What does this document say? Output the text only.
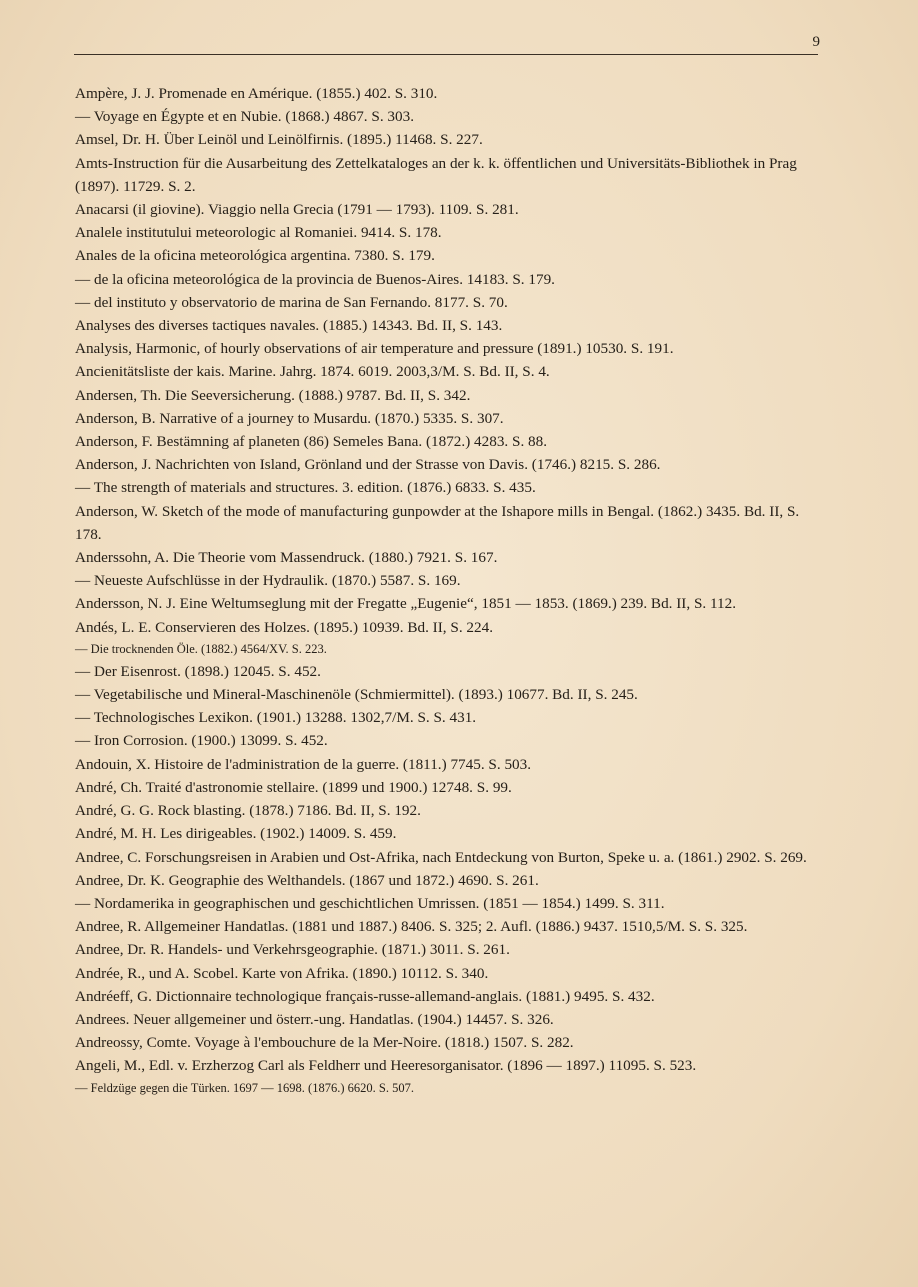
9

Ampère, J. J. Promenade en Amérique. (1855.) 402. S. 310.

— Voyage en Égypte et en Nubie. (1868.) 4867. S. 303.

Amsel, Dr. H. Über Leinöl und Leinölfirnis. (1895.) 11468. S. 227.

Amts-Instruction für die Ausarbeitung des Zettelkataloges an der k. k. öffentlichen und Universitäts-Bibliothek in Prag (1897). 11729. S. 2.

Anacarsi (il giovine). Viaggio nella Grecia (1791 — 1793). 1109. S. 281.

Analele institutului meteorologic al Romaniei. 9414. S. 178.

Anales de la oficina meteorológica argentina. 7380. S. 179.

— de la oficina meteorológica de la provincia de Buenos-Aires. 14183. S. 179.

— del instituto y observatorio de marina de San Fernando. 8177. S. 70.

Analyses des diverses tactiques navales. (1885.) 14343. Bd. II, S. 143.

Analysis, Harmonic, of hourly observations of air temperature and pressure (1891.) 10530. S. 191.

Ancienitätsliste der kais. Marine. Jahrg. 1874. 6019. 2003,3/M. S. Bd. II, S. 4.

Andersen, Th. Die Seeversicherung. (1888.) 9787. Bd. II, S. 342.

Anderson, B. Narrative of a journey to Musardu. (1870.) 5335. S. 307.

Anderson, F. Bestämning af planeten (86) Semeles Bana. (1872.) 4283. S. 88.

Anderson, J. Nachrichten von Island, Grönland und der Strasse von Davis. (1746.) 8215. S. 286.

— The strength of materials and structures. 3. edition. (1876.) 6833. S. 435.

Anderson, W. Sketch of the mode of manufacturing gunpowder at the Ishapore mills in Bengal. (1862.) 3435. Bd. II, S. 178.

Anderssohn, A. Die Theorie vom Massendruck. (1880.) 7921. S. 167.

— Neueste Aufschlüsse in der Hydraulik. (1870.) 5587. S. 169.

Andersson, N. J. Eine Weltumseglung mit der Fregatte „Eugenie“, 1851 — 1853. (1869.) 239. Bd. II, S. 112.

Andés, L. E. Conservieren des Holzes. (1895.) 10939. Bd. II, S. 224.

— Die trocknenden Öle. (1882.) 4564/XV. S. 223.

— Der Eisenrost. (1898.) 12045. S. 452.

— Vegetabilische und Mineral-Maschinenöle (Schmiermittel). (1893.) 10677. Bd. II, S. 245.

— Technologisches Lexikon. (1901.) 13288. 1302,7/M. S. S. 431.

— Iron Corrosion. (1900.) 13099. S. 452.

Andouin, X. Histoire de l'administration de la guerre. (1811.) 7745. S. 503.

André, Ch. Traité d'astronomie stellaire. (1899 und 1900.) 12748. S. 99.

André, G. G. Rock blasting. (1878.) 7186. Bd. II, S. 192.

André, M. H. Les dirigeables. (1902.) 14009. S. 459.

Andree, C. Forschungsreisen in Arabien und Ost-Afrika, nach Entdeckung von Burton, Speke u. a. (1861.) 2902. S. 269.

Andree, Dr. K. Geographie des Welthandels. (1867 und 1872.) 4690. S. 261.

— Nordamerika in geographischen und geschichtlichen Umrissen. (1851 — 1854.) 1499. S. 311.

Andree, R. Allgemeiner Handatlas. (1881 und 1887.) 8406. S. 325; 2. Aufl. (1886.) 9437. 1510,5/M. S. S. 325.

Andree, Dr. R. Handels- und Verkehrsgeographie. (1871.) 3011. S. 261.

Andrée, R., und A. Scobel. Karte von Afrika. (1890.) 10112. S. 340.

Andréeff, G. Dictionnaire technologique français-russe-allemand-anglais. (1881.) 9495. S. 432.

Andrees. Neuer allgemeiner und österr.-ung. Handatlas. (1904.) 14457. S. 326.

Andreossy, Comte. Voyage à l'embouchure de la Mer-Noire. (1818.) 1507. S. 282.

Angeli, M., Edl. v. Erzherzog Carl als Feldherr und Heeresorganisator. (1896 — 1897.) 11095. S. 523.

— Feldzüge gegen die Türken. 1697 — 1698. (1876.) 6620. S. 507.
